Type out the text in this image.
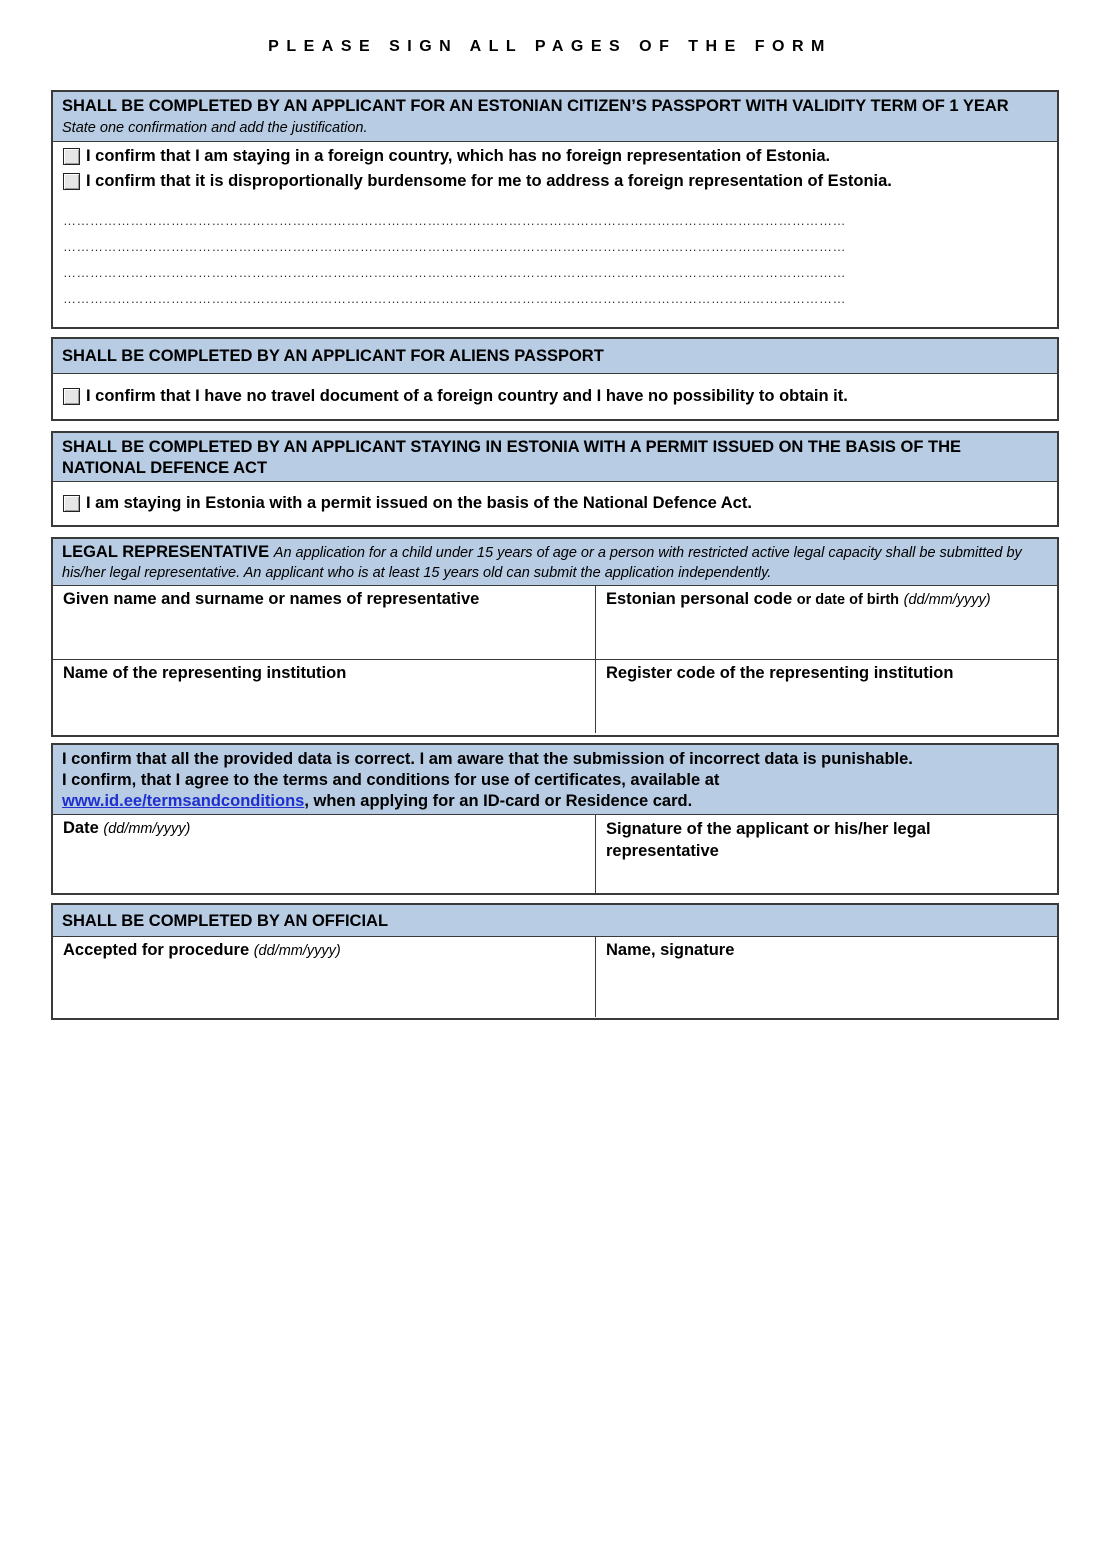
PLEASE SIGN ALL PAGES OF THE FORM
SHALL BE COMPLETED BY AN APPLICANT FOR AN ESTONIAN CITIZEN’S PASSPORT WITH VALIDITY TERM OF 1 YEAR State one confirmation and add the justification.
I confirm that I am staying in a foreign country, which has no foreign representation of Estonia.
I confirm that it is disproportionally burdensome for me to address a foreign representation of Estonia.
…………………………………………………………………………………………………………………………………………………………
…………………………………………………………………………………………………………………………………………………………
…………………………………………………………………………………………………………………………………………………………
…………………………………………………………………………………………………………………………………………………………
SHALL BE COMPLETED BY AN APPLICANT FOR ALIENS PASSPORT
I confirm that I have no travel document of a foreign country and I have no possibility to obtain it.
SHALL BE COMPLETED BY AN APPLICANT STAYING IN ESTONIA WITH A PERMIT ISSUED ON THE BASIS OF THE NATIONAL DEFENCE ACT
I am staying in Estonia with a permit issued on the basis of the National Defence Act.
LEGAL REPRESENTATIVE An application for a child under 15 years of age or a person with restricted active legal capacity shall be submitted by his/her legal representative. An applicant who is at least 15 years old can submit the application independently.
Given name and surname or names of representative	Estonian personal code or date of birth (dd/mm/yyyy)
Name of the representing institution	Register code of the representing institution
I confirm that all the provided data is correct. I am aware that the submission of incorrect data is punishable.
I confirm, that I agree to the terms and conditions for use of certificates, available at
www.id.ee/termsandconditions, when applying for an ID-card or Residence card.
Date (dd/mm/yyyy)	Signature of the applicant or his/her legal representative
SHALL BE COMPLETED BY AN OFFICIAL
Accepted for procedure (dd/mm/yyyy)	Name, signature
